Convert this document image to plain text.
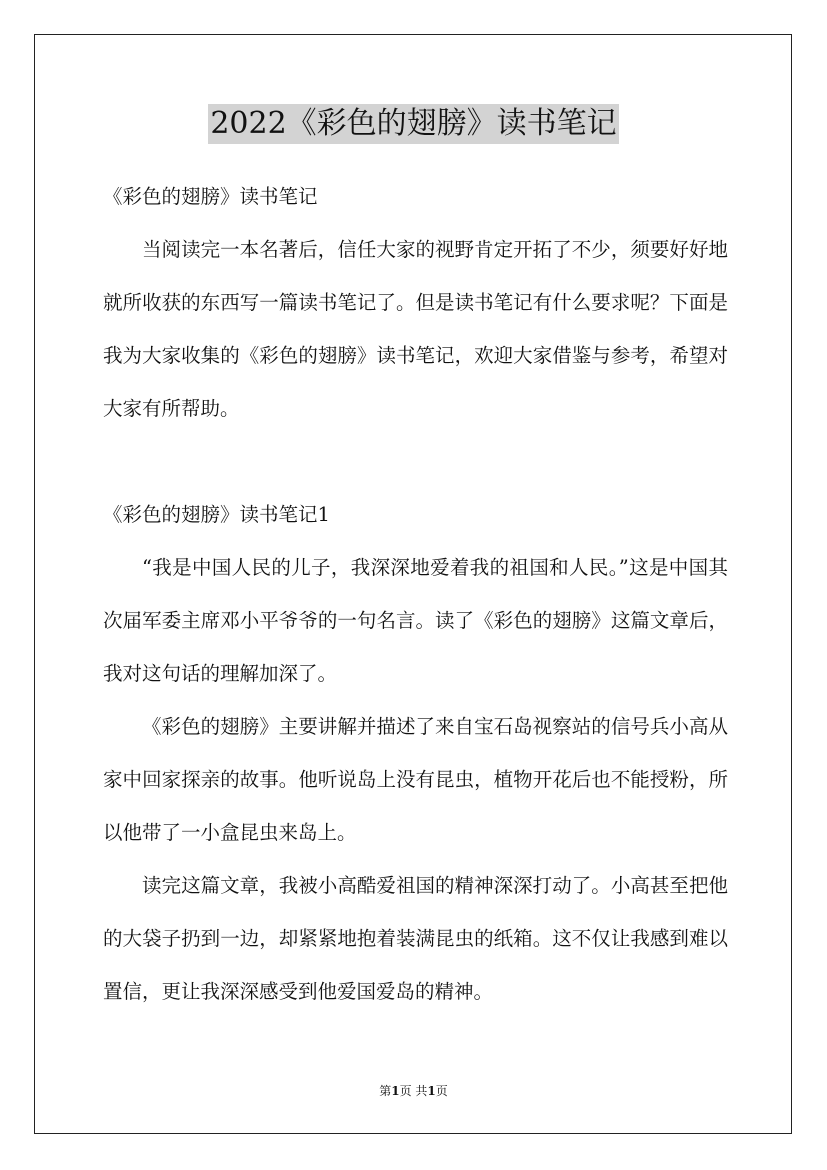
2022《彩色的翅膀》读书笔记

《彩色的翅膀》读书笔记

当阅读完一本名著后，信任大家的视野肯定开拓了不少，须要好好地就所收获的东西写一篇读书笔记了。但是读书笔记有什么要求呢？下面是我为大家收集的《彩色的翅膀》读书笔记，欢迎大家借鉴与参考，希望对大家有所帮助。

《彩色的翅膀》读书笔记1

“我是中国人民的儿子，我深深地爱着我的祖国和人民。”这是中国其次届军委主席邓小平爷爷的一句名言。读了《彩色的翅膀》这篇文章后，我对这句话的理解加深了。

《彩色的翅膀》主要讲解并描述了来自宝石岛视察站的信号兵小高从家中回家探亲的故事。他听说岛上没有昆虫，植物开花后也不能授粉，所以他带了一小盒昆虫来岛上。

读完这篇文章，我被小高酷爱祖国的精神深深打动了。小高甚至把他的大袋子扔到一边，却紧紧地抱着装满昆虫的纸箱。这不仅让我感到难以置信，更让我深深感受到他爱国爱岛的精神。

第1页 共1页
